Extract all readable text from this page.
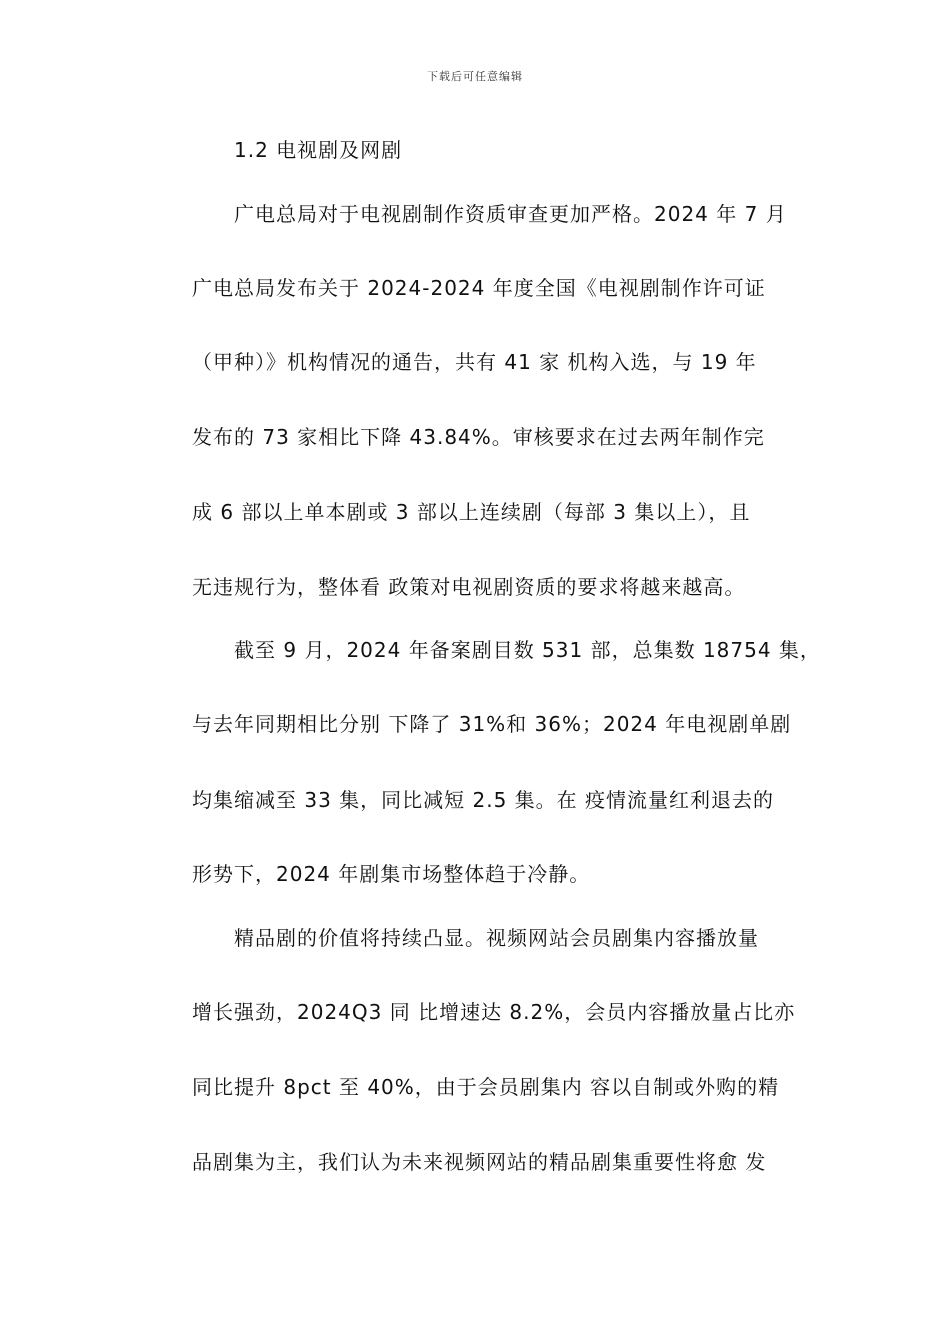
下载后可任意编辑
1.2 电视剧及网剧
广电总局对于电视剧制作资质审查更加严格。2024 年 7 月
广电总局发布关于 2024-2024 年度全国《电视剧制作许可证
（甲种）》机构情况的通告，共有 41 家 机构入选，与 19 年
发布的 73 家相比下降 43.84%。审核要求在过去两年制作完
成 6 部以上单本剧或 3 部以上连续剧（每部 3 集以上），且
无违规行为，整体看 政策对电视剧资质的要求将越来越高。
截至 9 月，2024 年备案剧目数 531 部，总集数 18754 集，
与去年同期相比分别 下降了 31%和 36%；2024 年电视剧单剧
均集缩减至 33 集，同比减短 2.5 集。在 疫情流量红利退去的
形势下，2024 年剧集市场整体趋于冷静。
精品剧的价值将持续凸显。视频网站会员剧集内容播放量
增长强劲，2024Q3 同 比增速达 8.2%，会员内容播放量占比亦
同比提升 8pct 至 40%，由于会员剧集内 容以自制或外购的精
品剧集为主，我们认为未来视频网站的精品剧集重要性将愈 发
